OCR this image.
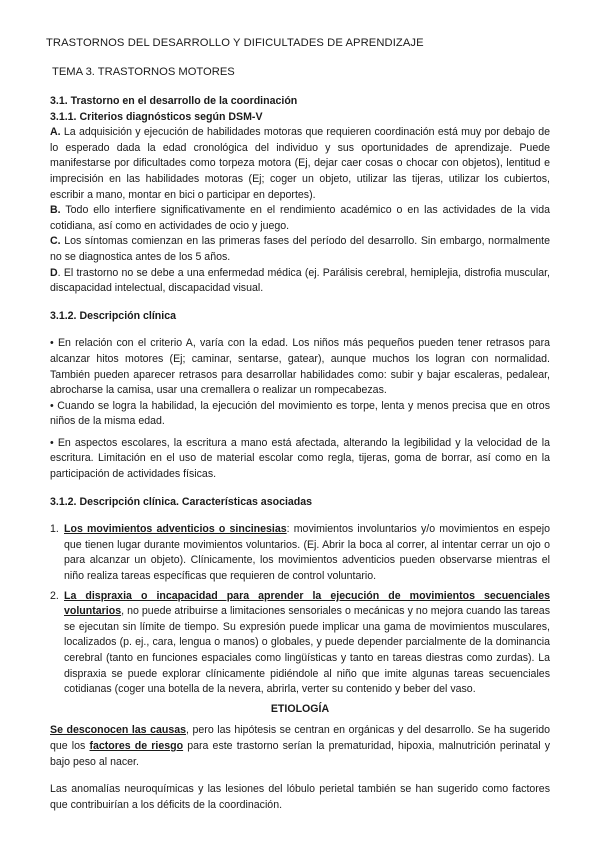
TRASTORNOS DEL DESARROLLO Y DIFICULTADES DE APRENDIZAJE
TEMA 3. TRASTORNOS MOTORES

3.1. Trastorno en el desarrollo de la coordinación

3.1.1. Criterios diagnósticos según DSM-V

A. La adquisición y ejecución de habilidades motoras que requieren coordinación está muy por debajo de lo esperado dada la edad cronológica del individuo y sus oportunidades de aprendizaje. Puede manifestarse por dificultades como torpeza motora (Ej, dejar caer cosas o chocar con objetos), lentitud e imprecisión en las habilidades motoras (Ej; coger un objeto, utilizar las tijeras, utilizar los cubiertos, escribir a mano, montar en bici o participar en deportes).

B. Todo ello interfiere significativamente en el rendimiento académico o en las actividades de la vida cotidiana, así como en actividades de ocio y juego.

C. Los síntomas comienzan en las primeras fases del período del desarrollo. Sin embargo, normalmente no se diagnostica antes de los 5 años.

D. El trastorno no se debe a una enfermedad médica (ej. Parálisis cerebral, hemiplejia, distrofia muscular, discapacidad intelectual, discapacidad visual.

3.1.2. Descripción clínica

• En relación con el criterio A, varía con la edad. Los niños más pequeños pueden tener retrasos para alcanzar hitos motores (Ej; caminar, sentarse, gatear), aunque muchos los logran con normalidad. También pueden aparecer retrasos para desarrollar habilidades como: subir y bajar escaleras, pedalear, abrocharse la camisa, usar una cremallera o realizar un rompecabezas.

• Cuando se logra la habilidad, la ejecución del movimiento es torpe, lenta y menos precisa que en otros niños de la misma edad.

• En aspectos escolares, la escritura a mano está afectada, alterando la legibilidad y la velocidad de la escritura. Limitación en el uso de material escolar como regla, tijeras, goma de borrar, así como en la participación de actividades físicas.

3.1.2. Descripción clínica. Características asociadas

1. Los movimientos adventicios o sincinesias: movimientos involuntarios y/o movimientos en espejo que tienen lugar durante movimientos voluntarios. (Ej. Abrir la boca al correr, al intentar cerrar un ojo o para alcanzar un objeto). Clínicamente, los movimientos adventicios pueden observarse mientras el niño realiza tareas específicas que requieren de control voluntario.
2. La dispraxia o incapacidad para aprender la ejecución de movimientos secuenciales voluntarios, no puede atribuirse a limitaciones sensoriales o mecánicas y no mejora cuando las tareas se ejecutan sin límite de tiempo. Su expresión puede implicar una gama de movimientos musculares, localizados (p. ej., cara, lengua o manos) o globales, y puede depender parcialmente de la dominancia cerebral (tanto en funciones espaciales como lingüísticas y tanto en tareas diestras como zurdas). La dispraxia se puede explorar clínicamente pidiéndole al niño que imite algunas tareas secuenciales cotidianas (coger una botella de la nevera, abrirla, verter su contenido y beber del vaso.

ETIOLOGÍA

Se desconocen las causas, pero las hipótesis se centran en orgánicas y del desarrollo. Se ha sugerido que los factores de riesgo para este trastorno serían la prematuridad, hipoxia, malnutrición perinatal y bajo peso al nacer.

Las anomalías neuroquímicas y las lesiones del lóbulo perietal también se han sugerido como factores que contribuirían a los déficits de la coordinación.
